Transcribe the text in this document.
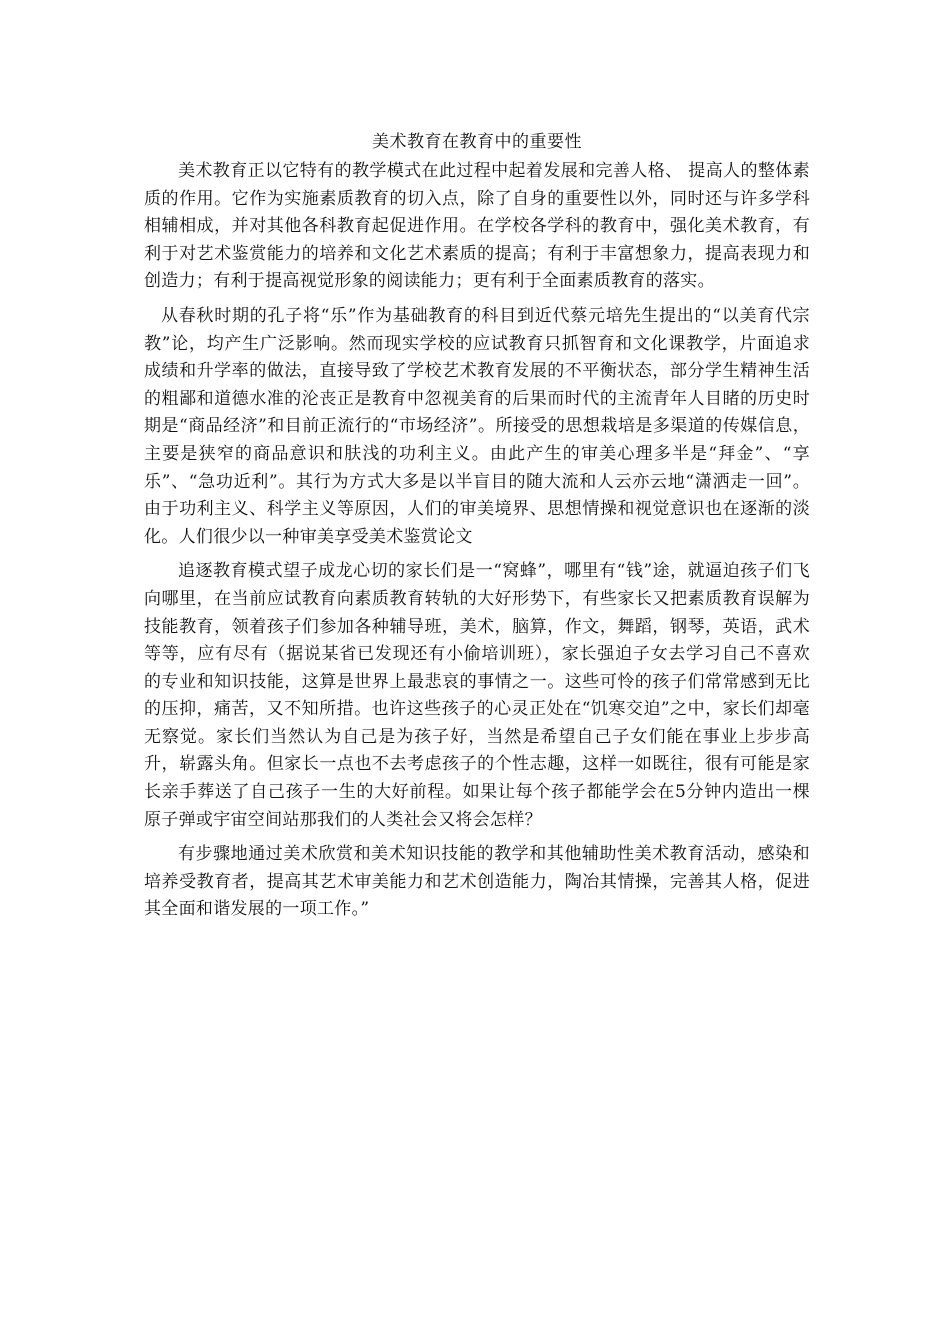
美术教育在教育中的重要性

美术教育正以它特有的教学模式在此过程中起着发展和完善人格、 提高人的整体素质的作用。它作为实施素质教育的切入点，除了自身的重要性以外，同时还与许多学科相辅相成，并对其他各科教育起促进作用。在学校各学科的教育中，强化美术教育，有利于对艺术鉴赏能力的培养和文化艺术素质的提高；有利于丰富想象力，提高表现力和创造力；有利于提高视觉形象的阅读能力；更有利于全面素质教育的落实。

从春秋时期的孔子将“乐”作为基础教育的科目到近代蔡元培先生提出的“以美育代宗教”论，均产生广泛影响。然而现实学校的应试教育只抓智育和文化课教学，片面追求成绩和升学率的做法，直接导致了学校艺术教育发展的不平衡状态，部分学生精神生活的粗鄙和道德水准的沦丧正是教育中忽视美育的后果而时代的主流青年人目睹的历史时期是“商品经济”和目前正流行的“市场经济”。所接受的思想栽培是多渠道的传媒信息，主要是狭窄的商品意识和肤浅的功利主义。由此产生的审美心理多半是“拜金”、“享乐”、“急功近利”。其行为方式大多是以半盲目的随大流和人云亦云地“潇洒走一回”。由于功利主义、科学主义等原因，人们的审美境界、思想情操和视觉意识也在逐渐的淡化。人们很少以一种审美享受美术鉴赏论文

追逐教育模式望子成龙心切的家长们是一“窝蜂”，哪里有“钱”途，就逼迫孩子们飞向哪里，在当前应试教育向素质教育转轨的大好形势下，有些家长又把素质教育误解为技能教育，领着孩子们参加各种辅导班，美术，脑算，作文，舞蹈，钢琴，英语，武术等等，应有尽有（据说某省已发现还有小偷培训班），家长强迫子女去学习自己不喜欢的专业和知识技能，这算是世界上最悲哀的事情之一。这些可怜的孩子们常常感到无比的压抑，痛苦，又不知所措。也许这些孩子的心灵正处在“饥寒交迫”之中，家长们却毫无察觉。家长们当然认为自己是为孩子好，当然是希望自己子女们能在事业上步步高升，崭露头角。但家长一点也不去考虑孩子的个性志趣，这样一如既往，很有可能是家长亲手葬送了自己孩子一生的大好前程。如果让每个孩子都能学会在5分钟内造出一棵原子弹或宇宙空间站那我们的人类社会又将会怎样？

有步骤地通过美术欣赏和美术知识技能的教学和其他辅助性美术教育活动，感染和培养受教育者，提高其艺术审美能力和艺术创造能力，陶冶其情操，完善其人格，促进其全面和谐发展的一项工作。”
